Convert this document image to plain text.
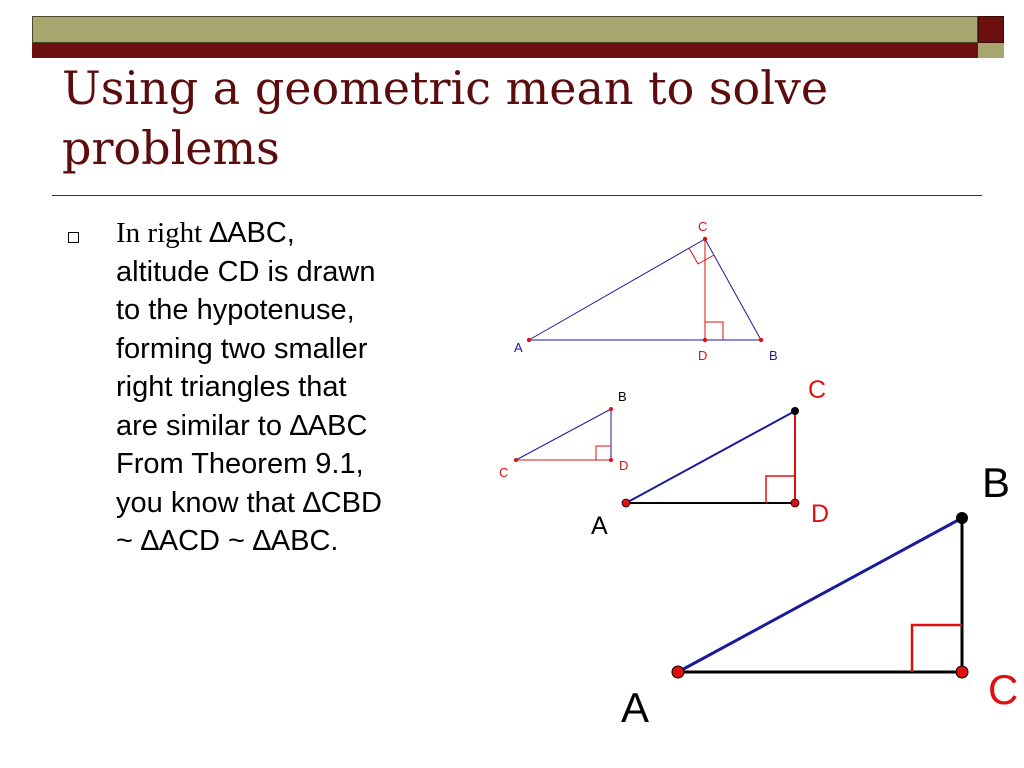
Using a geometric mean to solve problems
In right ∆ABC,
altitude CD is drawn
to the hypotenuse,
forming two smaller
right triangles that
are similar to ∆ABC
From Theorem 9.1,
you know that ∆CBD
~ ∆ACD ~ ∆ABC.
C
A
D	B
B
C	D
C
A	D
B
A	C
